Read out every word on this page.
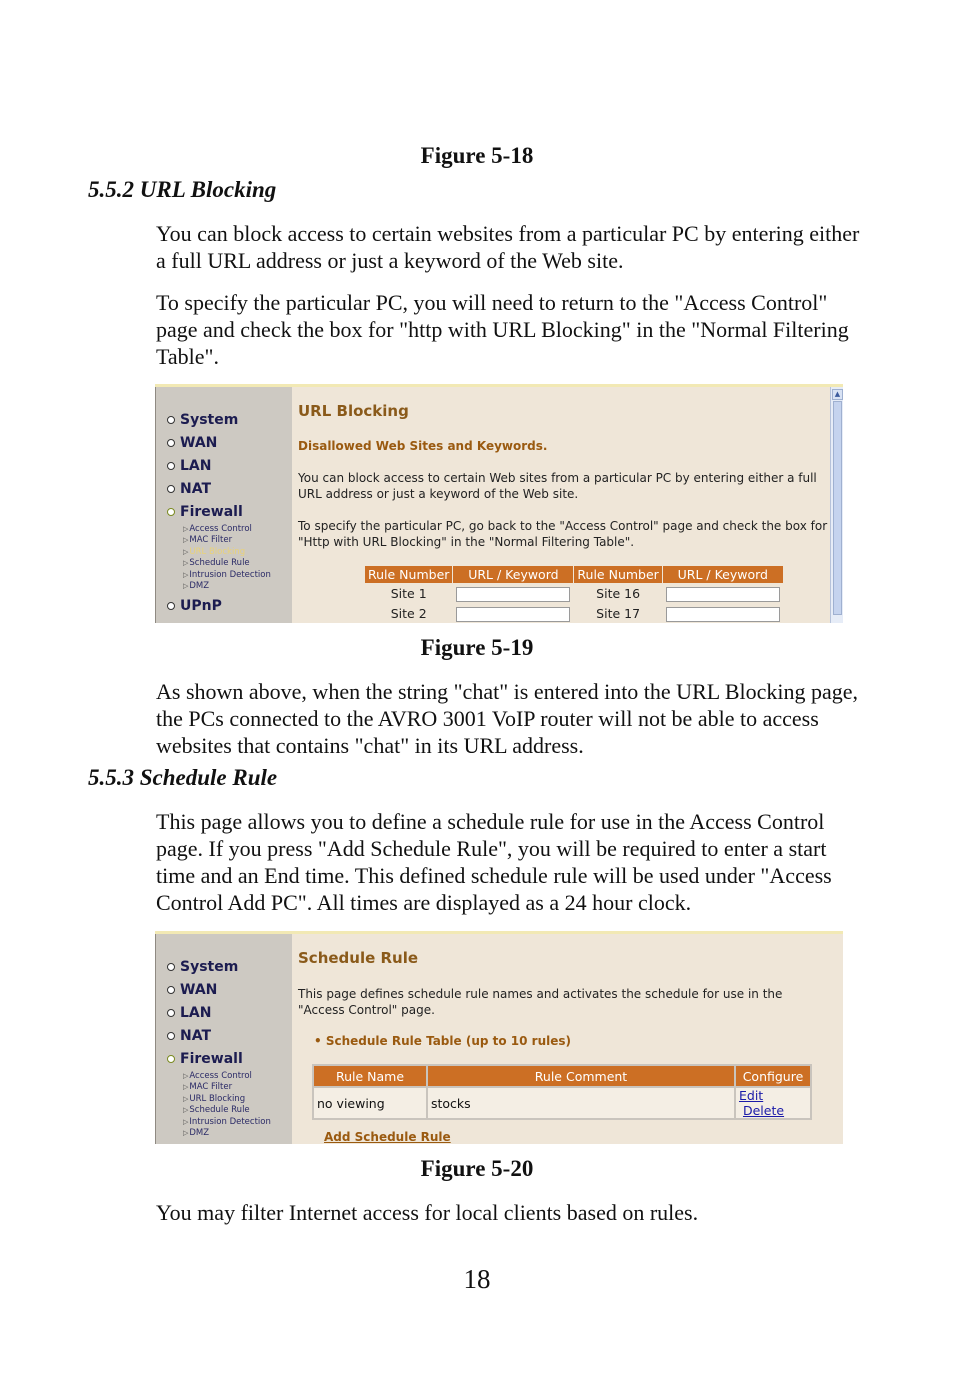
Figure 5-18
5.5.2 URL Blocking

You can block access to certain websites from a particular PC by entering either a full URL address or just a keyword of the Web site.

To specify the particular PC, you will need to return to the "Access Control" page and check the box for "http with URL Blocking" in the "Normal Filtering Table".

System
WAN
LAN
NAT
Firewall
▷ Access Control
▷ MAC Filter
▷ URL Blocking
▷ Schedule Rule
▷ Intrusion Detection
▷ DMZ
UPnP
URL Blocking
Disallowed Web Sites and Keywords.
You can block access to certain Web sites from a particular PC by entering either a full URL address or just a keyword of the Web site.
To specify the particular PC, go back to the "Access Control" page and check the box for "Http with URL Blocking" in the "Normal Filtering Table".
Rule Number	URL / Keyword	Rule Number	URL / Keyword
Site 1		Site 16	
Site 2		Site 17	
▲
Figure 5-19

As shown above, when the string "chat" is entered into the URL Blocking page, the PCs connected to the AVRO 3001 VoIP router will not be able to access websites that contains "chat" in its URL address.

5.5.3 Schedule Rule

This page allows you to define a schedule rule for use in the Access Control page. If you press "Add Schedule Rule", you will be required to enter a start time and an End time. This defined schedule rule will be used under "Access Control Add PC". All times are displayed as a 24 hour clock.

System
WAN
LAN
NAT
Firewall
▷ Access Control
▷ MAC Filter
▷ URL Blocking
▷ Schedule Rule
▷ Intrusion Detection
▷ DMZ
Schedule Rule
This page defines schedule rule names and activates the schedule for use in the "Access Control" page.
• Schedule Rule Table (up to 10 rules)
Rule Name	Rule Comment	Configure
no viewing	stocks	Edit  Delete
Add Schedule Rule
Figure 5-20

You may filter Internet access for local clients based on rules.

18
